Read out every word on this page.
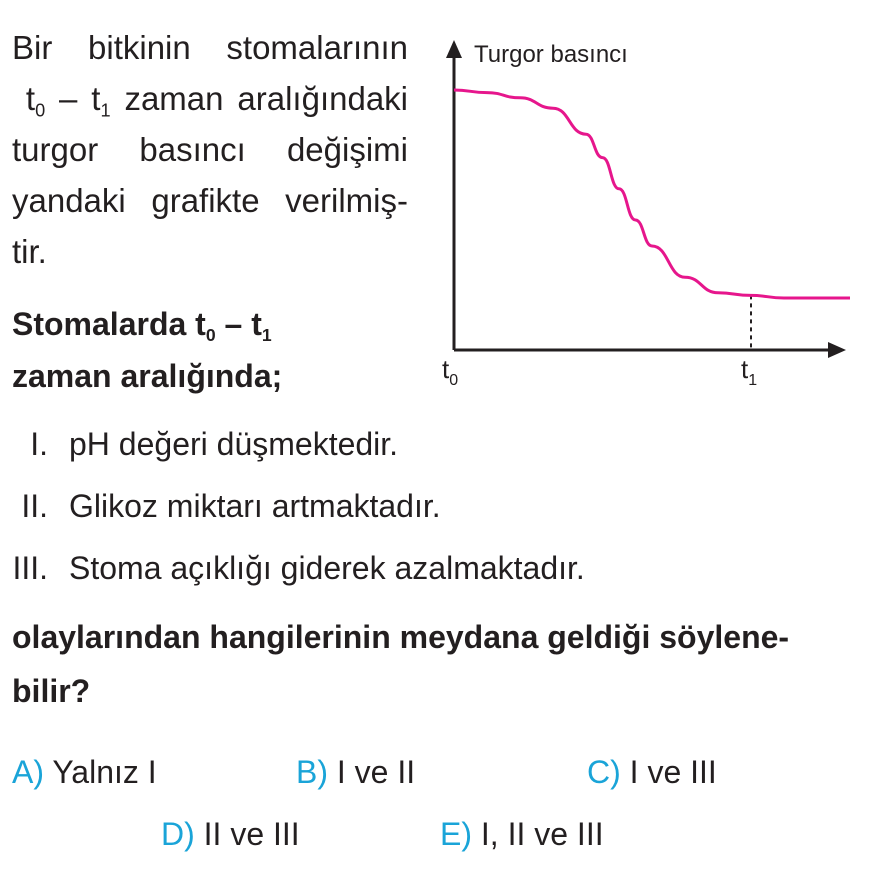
Bir bitkinin stomalarının
$t_0 - t_1$ zaman aralığındaki
turgor basıncı değişimi
yandaki grafikte verilmiş-
tir.
Stomalarda $t_0 - t_1$
zaman aralığında;
Turgor basıncı
$t_0$	$t_1$
I. pH değeri düşmektedir.
II. Glikoz miktarı artmaktadır.
III. Stoma açıklığı giderek azalmaktadır.
olaylarından hangilerinin meydana geldiği söylene-
bilir?
A) Yalnız I	B) I ve II	C) I ve III
D) II ve III	E) I, II ve III
